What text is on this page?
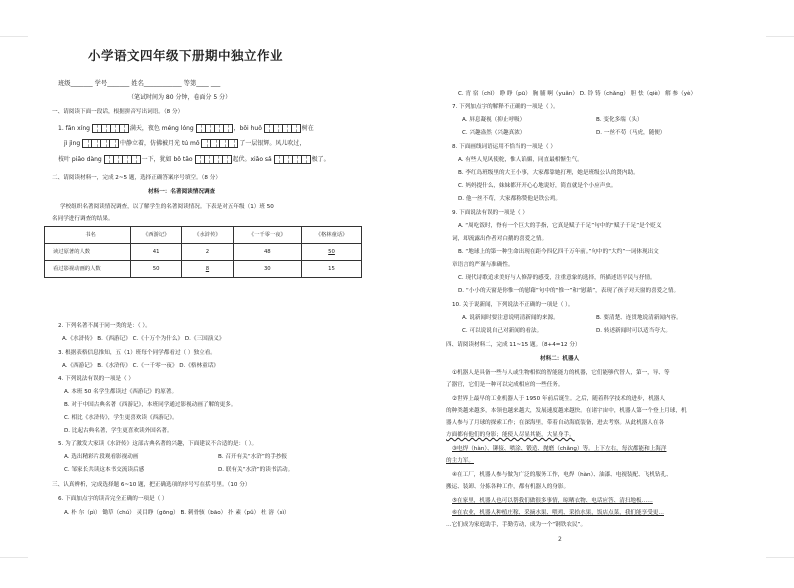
小学语文四年级下册期中独立作业
班级_______ 学号_______ 姓名____________ 等第____ ___
（笔试时间为 80 分钟，卷面分 5 分）
一、请阅读下面一段话，根据拼音写出词语。（8 分）
1. fān xíng	满天，夜色 méng lóng	，bōi huō	树在
jì jìng	中静立着，仿佛被月光 tú mǒ	了一层银辉。风儿吹过，
枝叶 piāo dàng	一下，犹如 bō tāo	起伏。xiǎo sǎ	极了。
二、请阅读材料一，完成 2~5 题，选择正确答案序号填空。（8 分）
材料一：名著阅读情况调查
学校组织名著阅读情况调查，以了解学生的名著阅读情况。下表是对五年级（1）班 50
名同学进行调查的结果。
书名	《西游记》	《水浒传》	《一千零一夜》	《格林童话》
读过原著的人数	41	2	48	50
看过影视动画的人数	50	8	30	15
2. 下列名著不属于同一类的是：（ ）。
A.《水浒传》 B.《西游记》 C.《十万个为什么》 D.《三国演义》
3. 根据表格信息推知，五（1）班每个同学都看过（ ）独立看。
A.《西游记》 B.《水浒传》 C.《一千零一夜》 D.《格林童话》
4. 下列说法有误的一项是（ ）
A. 本班 50 名学生都读过《西游记》的原著。
B. 对于中国古典名著《西游记》，本班同学通过影视动画了解的更多。
C. 相比《水浒传》，学生更喜欢读《西游记》。
D. 比起古典名著，学生更喜欢读外国名著。
5. 为了激发大家读《水浒传》这部古典名著的兴趣，下面建议不合适的是：（ ）。
A. 选出精彩片段观看影视动画	B. 召开有关“水浒”的手抄报
C. 邹家长共读这本书交流读后感	D. 联有关“水浒”的读书活动。
三、认真辨析，完成选择题 6~10 题，把正确选项的序号写在括号里。（10 分）
6. 下面加点字的读音完全正确的一项是（ ）
A. 朴 尔（pì） 锄草（chú） 灵目睁（gōng） B. 刺骨骇（bāo） 扑 素（pǔ） 杜 溶（sì）
C. 宵 宿（chǐ） 睁 睁（pū） 胸 脯 啊（yuǎn） D. 铃 铸（chǎng） 胆 怯（qiè） 解 参（yè）
7. 下列加点字的解释不正确的一项是（ ）。
A. 屏息凝视（抑止呼吸）	B. 变化多端（头）
C. 兴趣盎然（兴趣真浓）	D. 一丝不苟（马虎，随便）
8. 下面画线词语运用不恰当的一项是（ ）
A. 有些人见风使舵，惟人谄媚，同直最相惭生气。
B. 李红岛班级里的大王小事，大家都靠她打理，她是班级公认的贤内助。
C. 妈妈提什么，妹妹都开开心心地说好，简直就是个小应声虫。
D. 他一丝不苟，大家都称赞他是铁公鸡。
9. 下面说法有误的一项是（ ）
A. “周吃饭时，脊有一个巨大的手指，它真是赋子千足”句中的“赋子千足”是个贬义
词，却流露出作者对白鹅的喜爱之情。
B. “地球上的第一种生命出现在距今四亿四千万年前。”句中的“大约”一词体现出文
章语言的严谨与准确性。
C. 现代诗歌追求美好与人修辞的感受，注重意象的选择，所描述语平民与抒情。
D. “小小的天窗是你惟一的慰藉”句中的“惟一”和“慰藉”，表现了孩子对天窗的喜爱之情。
10. 关于说新闻，下列说法不正确的一项是（ ）。
A. 说新闻时要注意说明清新闻的来源。	B. 要清楚、连贯地说清新闻内容。
C. 可以说说自己对新闻的看法。	D. 转述新闻时可以适当夸大。
四、请阅读材料二，完成 11~15 题。（8+4=12 分）
材料二：机器人
①机器人是具备一些与人或生物相似的智能能力的机器，它们能够代替人，第一，导、等
了器官，它们是一种可以完成相应的一些任务。
②世界上最早的工业机器人于 1950 年前后诞生。之后，随着科学技术的进步，机器人
的种类越来越多，本领也越来越大，发展速度越来越快。在诸宇宙中，机器人第一个登上月球，机
器人参与了月球的探索工作；在深海里，带着自动海底装备，进去考察。从此机器人在各
方面都有他们的身影；能使人尽显其能，大显身手。
③电焊（hàn）、铆接、喷涂、锻造、抛磨（chǎnɡ）等。上下左右，每次都能和上海洋
的主力军。
④在工厂，机器人参与做为广泛的服务工作，电焊（hàn）、油漆、电视装配、飞机钻孔、
搬运、装卸、分拣各种工作，都有机器人的身影。
⑤在家里，机器人也可以帮我们做很多事情，晾晒衣物、电话应答、清扫地板……
⑥在农业，机器人种植庄稼、采摘水果、喂鸡、采拾水果，饭店点菜，我们能享受更…
…它们成为家庭助手，手勤劳动，成为一个“钢铁农民”。
2
